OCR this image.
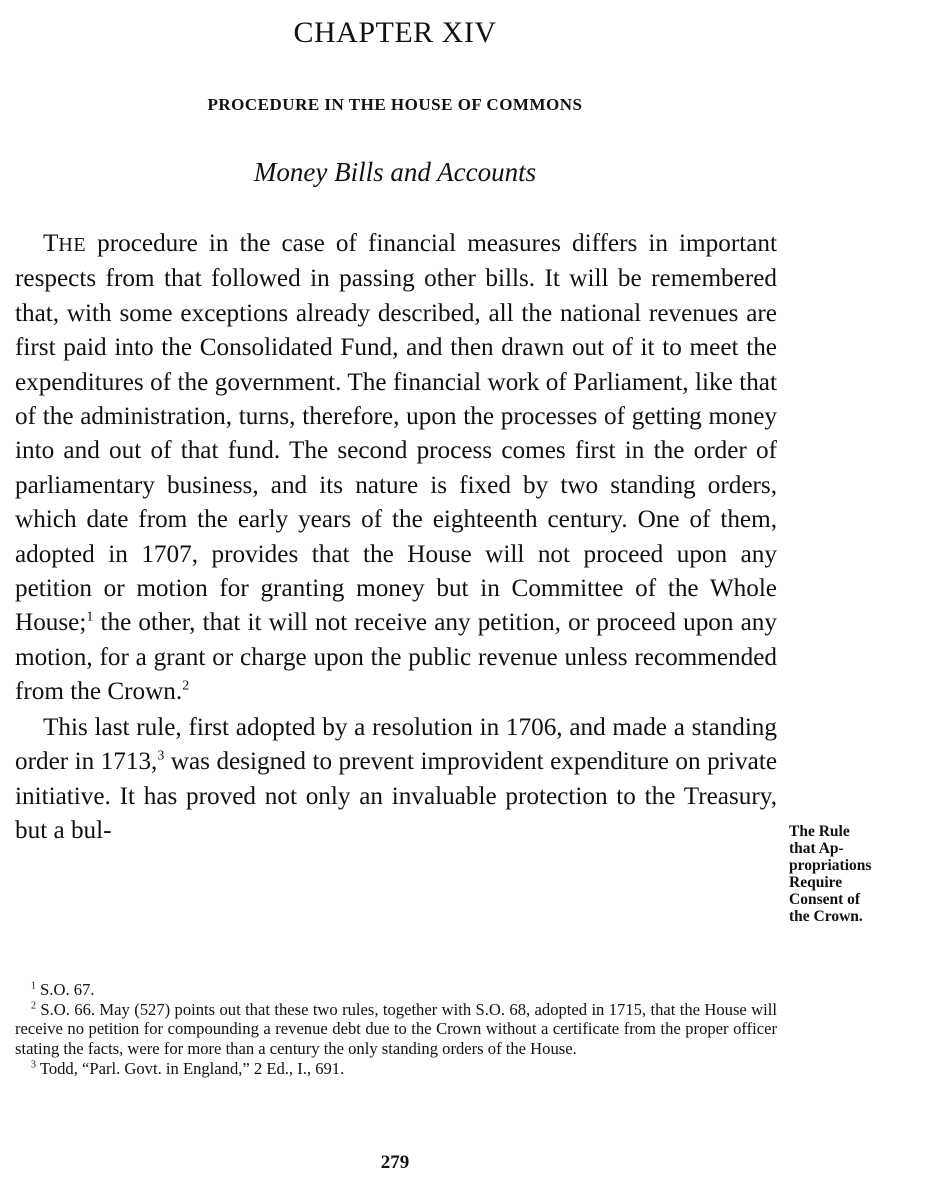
CHAPTER XIV
PROCEDURE IN THE HOUSE OF COMMONS
Money Bills and Accounts

THE procedure in the case of financial measures differs in important respects from that followed in passing other bills. It will be remembered that, with some exceptions already described, all the national revenues are first paid into the Consolidated Fund, and then drawn out of it to meet the expenditures of the government. The financial work of Parliament, like that of the administration, turns, therefore, upon the processes of getting money into and out of that fund. The second process comes first in the order of parliamentary business, and its nature is fixed by two standing orders, which date from the early years of the eighteenth century. One of them, adopted in 1707, provides that the House will not proceed upon any petition or motion for granting money but in Committee of the Whole House;$^1$ the other, that it will not receive any petition, or proceed upon any motion, for a grant or charge upon the public revenue unless recommended from the Crown.$^2$

This last rule, first adopted by a resolution in 1706, and made a standing order in 1713,$^3$ was designed to prevent improvident expenditure on private initiative. It has proved not only an invaluable protection to the Treasury, but a bul-	The Rule
that Ap-
propriations
Require
Consent of
the Crown.

$^1$ S.O. 67.

$^2$ S.O. 66. May (527) points out that these two rules, together with S.O. 68, adopted in 1715, that the House will receive no petition for compounding a revenue debt due to the Crown without a certificate from the proper officer stating the facts, were for more than a century the only standing orders of the House.

$^3$ Todd, “Parl. Govt. in England,” 2 Ed., I., 691.

279
